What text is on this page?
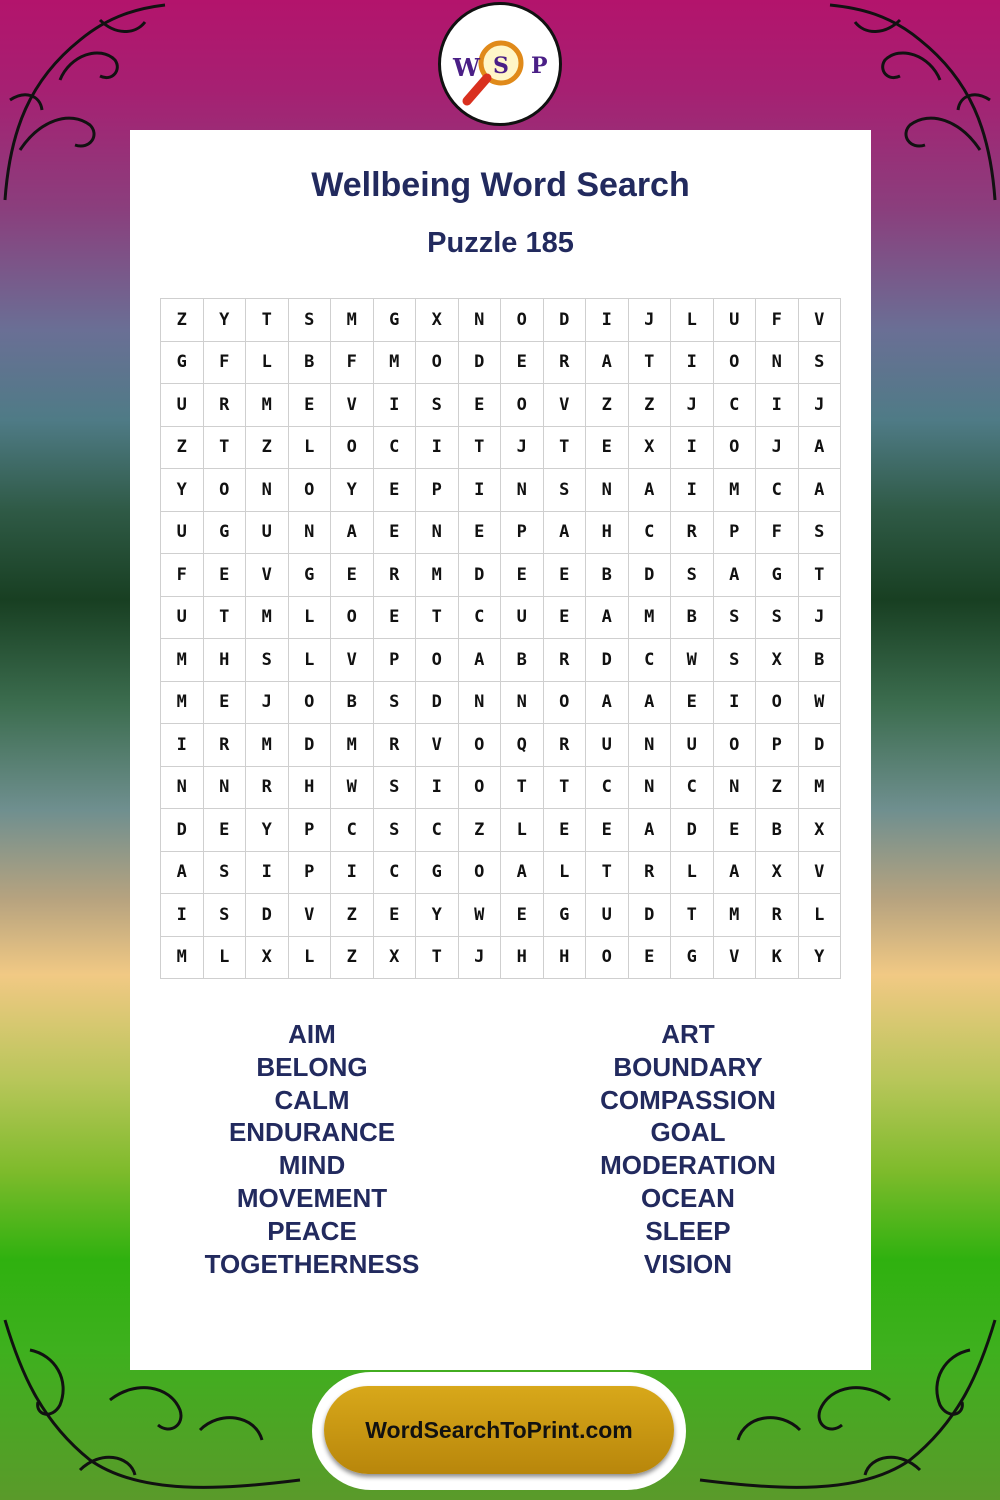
W S P
Wellbeing Word Search
Puzzle 185
Z	Y	T	S	M	G	X	N	O	D	I	J	L	U	F	V
G	F	L	B	F	M	O	D	E	R	A	T	I	O	N	S
U	R	M	E	V	I	S	E	O	V	Z	Z	J	C	I	J
Z	T	Z	L	O	C	I	T	J	T	E	X	I	O	J	A
Y	O	N	O	Y	E	P	I	N	S	N	A	I	M	C	A
U	G	U	N	A	E	N	E	P	A	H	C	R	P	F	S
F	E	V	G	E	R	M	D	E	E	B	D	S	A	G	T
U	T	M	L	O	E	T	C	U	E	A	M	B	S	S	J
M	H	S	L	V	P	O	A	B	R	D	C	W	S	X	B
M	E	J	O	B	S	D	N	N	O	A	A	E	I	O	W
I	R	M	D	M	R	V	O	Q	R	U	N	U	O	P	D
N	N	R	H	W	S	I	O	T	T	C	N	C	N	Z	M
D	E	Y	P	C	S	C	Z	L	E	E	A	D	E	B	X
A	S	I	P	I	C	G	O	A	L	T	R	L	A	X	V
I	S	D	V	Z	E	Y	W	E	G	U	D	T	M	R	L
M	L	X	L	Z	X	T	J	H	H	O	E	G	V	K	Y
AIM
BELONG
CALM
ENDURANCE
MIND
MOVEMENT
PEACE
TOGETHERNESS
ART
BOUNDARY
COMPASSION
GOAL
MODERATION
OCEAN
SLEEP
VISION
WordSearchToPrint.com
